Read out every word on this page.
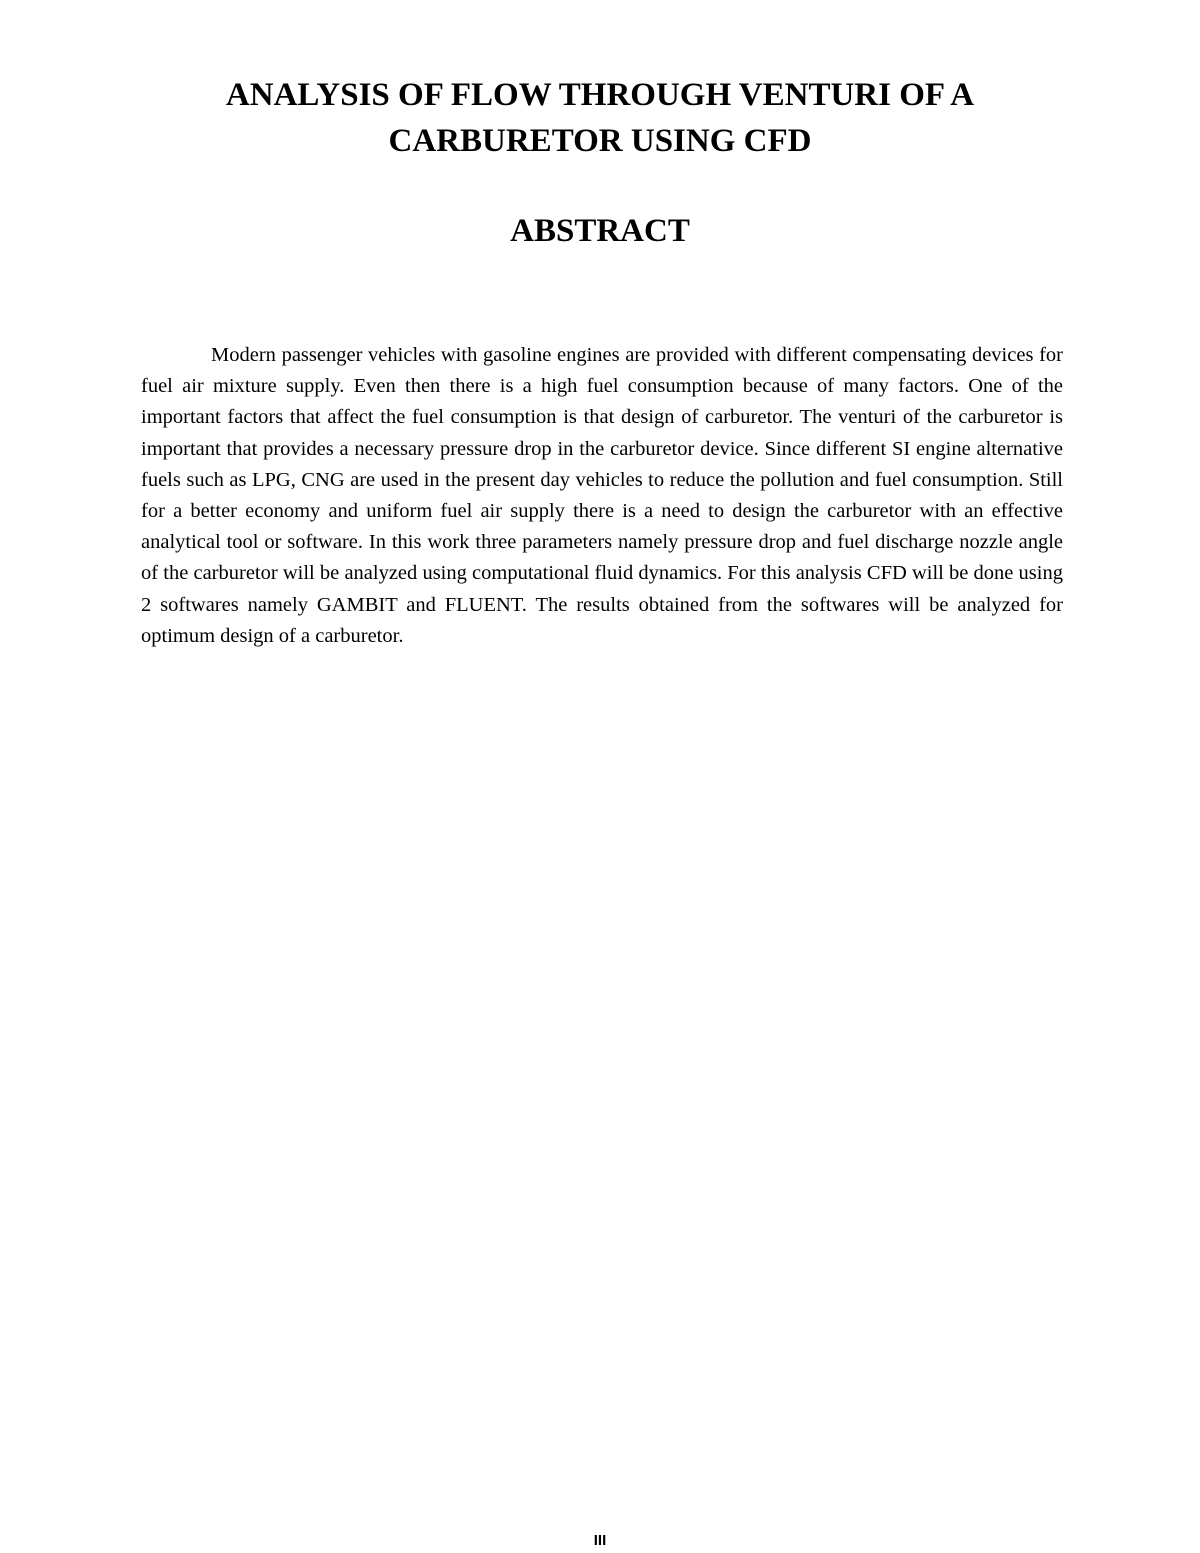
ANALYSIS OF FLOW THROUGH VENTURI OF A
CARBURETOR USING CFD
ABSTRACT

Modern passenger vehicles with gasoline engines are provided with different compensating devices for fuel air mixture supply. Even then there is a high fuel consumption because of many factors. One of the important factors that affect the fuel consumption is that design of carburetor. The venturi of the carburetor is important that provides a necessary pressure drop in the carburetor device. Since different SI engine alternative fuels such as LPG, CNG are used in the present day vehicles to reduce the pollution and fuel consumption. Still for a better economy and uniform fuel air supply there is a need to design the carburetor with an effective analytical tool or software. In this work three parameters namely pressure drop and fuel discharge nozzle angle of the carburetor will be analyzed using computational fluid dynamics. For this analysis CFD will be done using 2 softwares namely GAMBIT and FLUENT. The results obtained from the softwares will be analyzed for optimum design of a carburetor.

III
